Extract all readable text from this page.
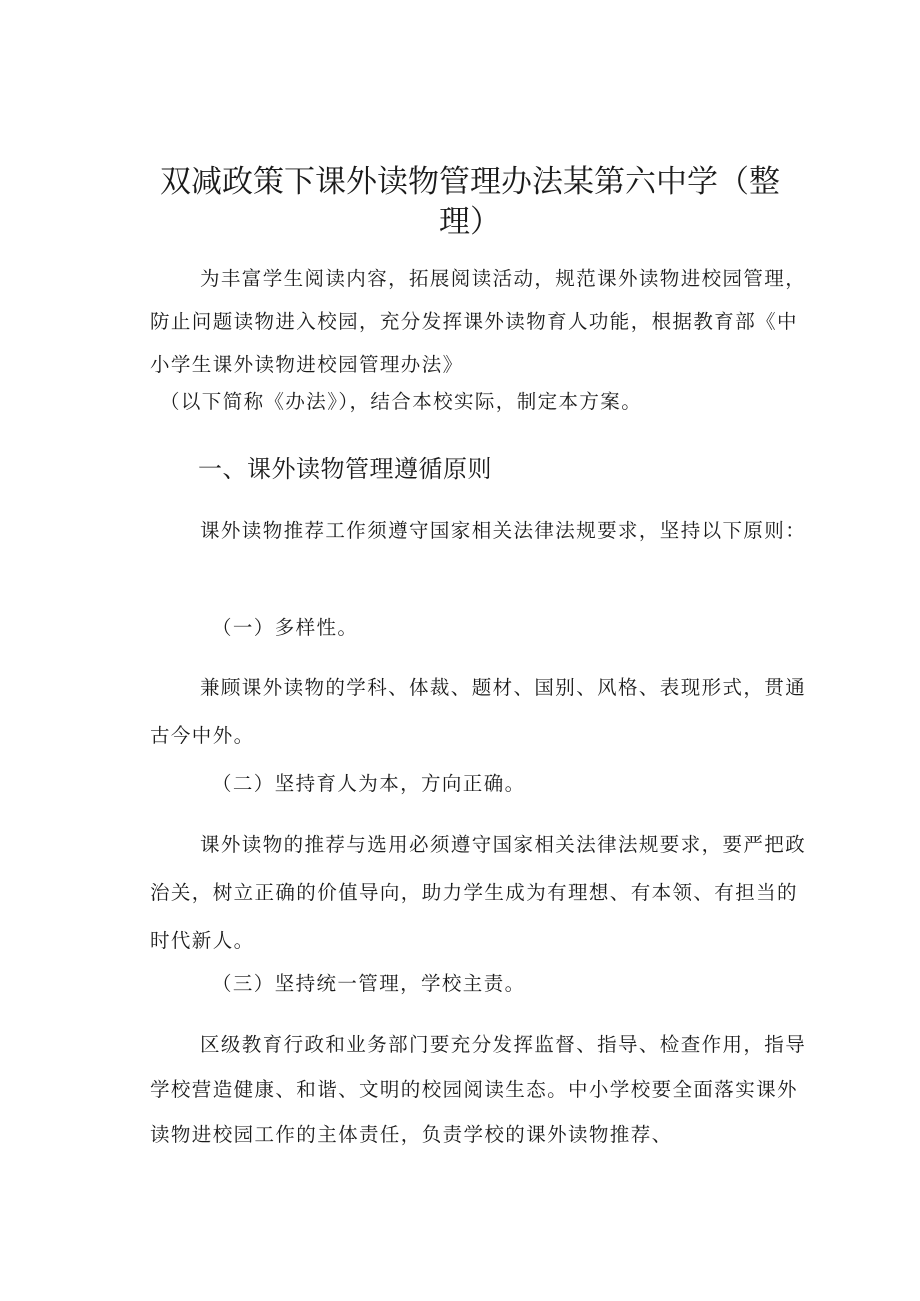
双减政策下课外读物管理办法某第六中学（整理）

为丰富学生阅读内容，拓展阅读活动，规范课外读物进校园管理，防止问题读物进入校园，充分发挥课外读物育人功能，根据教育部《中小学生课外读物进校园管理办法》

（以下简称《办法》），结合本校实际，制定本方案。

一、课外读物管理遵循原则

课外读物推荐工作须遵守国家相关法律法规要求，坚持以下原则：

（一）多样性。

兼顾课外读物的学科、体裁、题材、国别、风格、表现形式，贯通古今中外。

（二）坚持育人为本，方向正确。

课外读物的推荐与选用必须遵守国家相关法律法规要求，要严把政治关，树立正确的价值导向，助力学生成为有理想、有本领、有担当的时代新人。

（三）坚持统一管理，学校主责。

区级教育行政和业务部门要充分发挥监督、指导、检查作用，指导学校营造健康、和谐、文明的校园阅读生态。中小学校要全面落实课外读物进校园工作的主体责任，负责学校的课外读物推荐、
